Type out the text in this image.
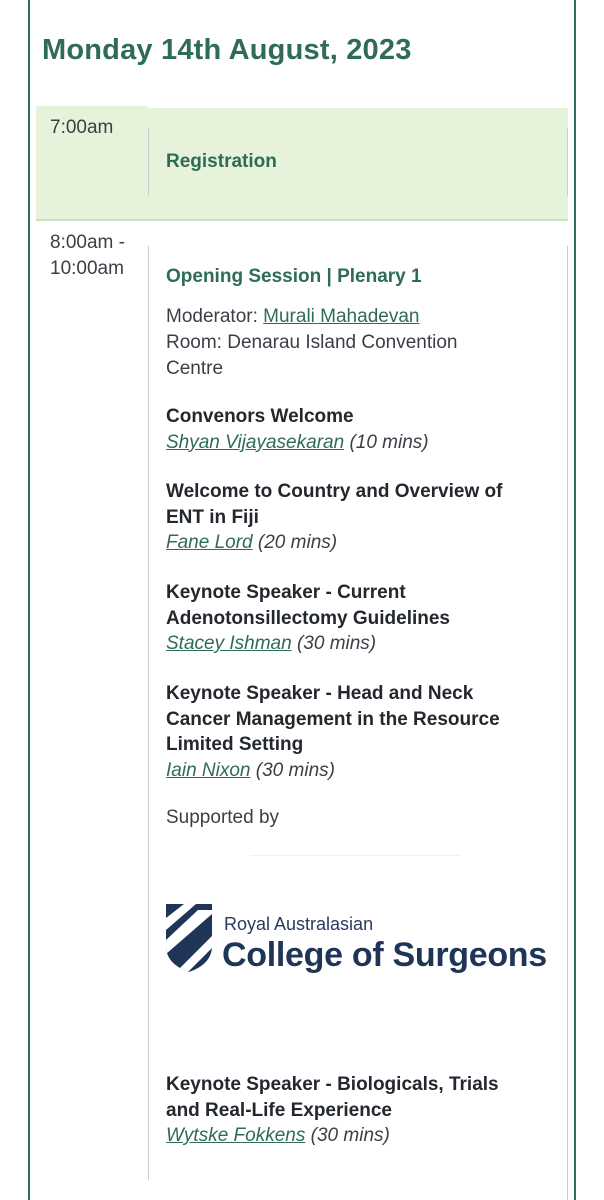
Monday 14th August, 2023
7:00am
Registration
8:00am -
10:00am Opening Session | Plenary 1
Moderator: Murali Mahadevan
Room: Denarau Island Convention
Centre
Convenors Welcome
Shyan Vijayasekaran (10 mins)
Welcome to Country and Overview of
ENT in Fiji
Fane Lord (20 mins)
Keynote Speaker - Current
Adenotonsillectomy Guidelines
Stacey Ishman (30 mins)
Keynote Speaker - Head and Neck
Cancer Management in the Resource
Limited Setting
Iain Nixon (30 mins)
Supported by
Royal Australasian
College of Surgeons
Keynote Speaker - Biologicals, Trials
and Real-Life Experience
Wytske Fokkens (30 mins)
